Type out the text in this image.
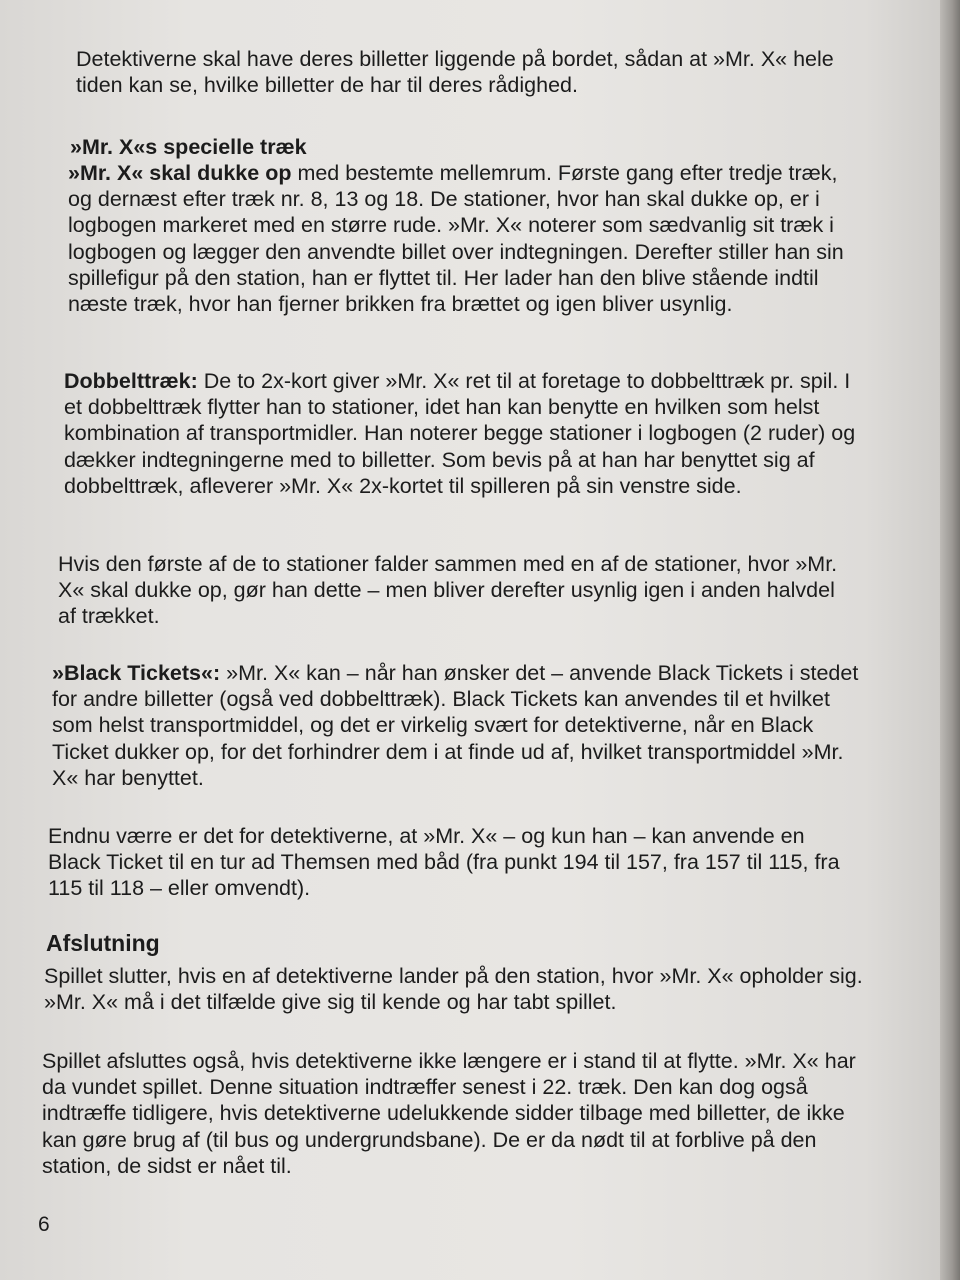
Detektiverne skal have deres billetter liggende på bordet, sådan at »Mr. X« hele tiden kan se, hvilke billetter de har til deres rådighed.

»Mr. X«s specielle træk

»Mr. X« skal dukke op med bestemte mellemrum. Første gang efter tredje træk, og dernæst efter træk nr. 8, 13 og 18. De stationer, hvor han skal dukke op, er i logbogen markeret med en større rude. »Mr. X« noterer som sædvanlig sit træk i logbogen og lægger den anvendte billet over indtegningen. Derefter stiller han sin spillefigur på den station, han er flyttet til. Her lader han den blive stående indtil næste træk, hvor han fjerner brikken fra brættet og igen bliver usynlig.

Dobbelttræk: De to 2x-kort giver »Mr. X« ret til at foretage to dobbelttræk pr. spil. I et dobbelttræk flytter han to stationer, idet han kan benytte en hvilken som helst kombination af transportmidler. Han noterer begge stationer i logbogen (2 ruder) og dækker indtegningerne med to billetter. Som bevis på at han har benyttet sig af dobbelttræk, afleverer »Mr. X« 2x-kortet til spilleren på sin venstre side.

Hvis den første af de to stationer falder sammen med en af de stationer, hvor »Mr. X« skal dukke op, gør han dette – men bliver derefter usynlig igen i anden halvdel af trækket.

»Black Tickets«: »Mr. X« kan – når han ønsker det – anvende Black Tickets i stedet for andre billetter (også ved dobbelttræk). Black Tickets kan anvendes til et hvilket som helst transportmiddel, og det er virkelig svært for detektiverne, når en Black Ticket dukker op, for det forhindrer dem i at finde ud af, hvilket transportmiddel »Mr. X« har benyttet.

Endnu værre er det for detektiverne, at »Mr. X« – og kun han – kan anvende en Black Ticket til en tur ad Themsen med båd (fra punkt 194 til 157, fra 157 til 115, fra 115 til 118 – eller omvendt).

Afslutning

Spillet slutter, hvis en af detektiverne lander på den station, hvor »Mr. X« opholder sig. »Mr. X« må i det tilfælde give sig til kende og har tabt spillet.

Spillet afsluttes også, hvis detektiverne ikke længere er i stand til at flytte. »Mr. X« har da vundet spillet. Denne situation indtræffer senest i 22. træk. Den kan dog også indtræffe tidligere, hvis detektiverne udelukkende sidder tilbage med billetter, de ikke kan gøre brug af (til bus og undergrundsbane). De er da nødt til at forblive på den station, de sidst er nået til.

6
